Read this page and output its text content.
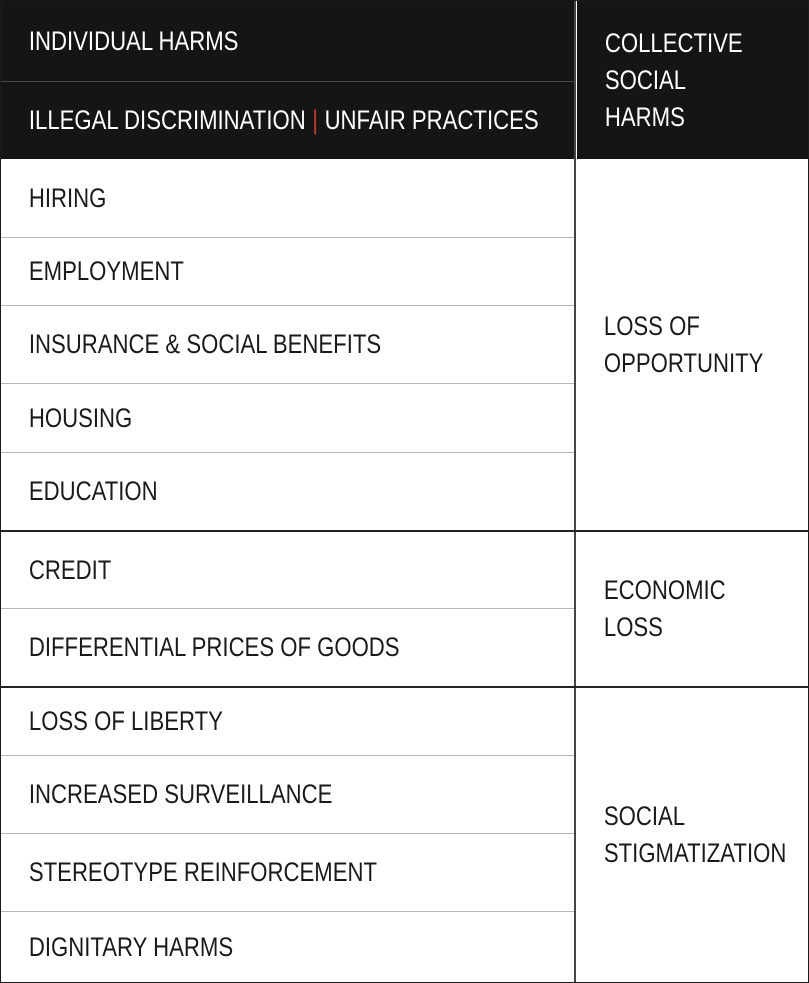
INDIVIDUAL HARMS
ILLEGAL DISCRIMINATION | UNFAIR PRACTICES
COLLECTIVE
SOCIAL HARMS
HIRING
EMPLOYMENT
INSURANCE & SOCIAL BENEFITS
HOUSING
EDUCATION
LOSS OF
OPPORTUNITY
CREDIT
DIFFERENTIAL PRICES OF GOODS
ECONOMIC LOSS
LOSS OF LIBERTY
INCREASED SURVEILLANCE
STEREOTYPE REINFORCEMENT
DIGNITARY HARMS
SOCIAL
STIGMATIZATION
